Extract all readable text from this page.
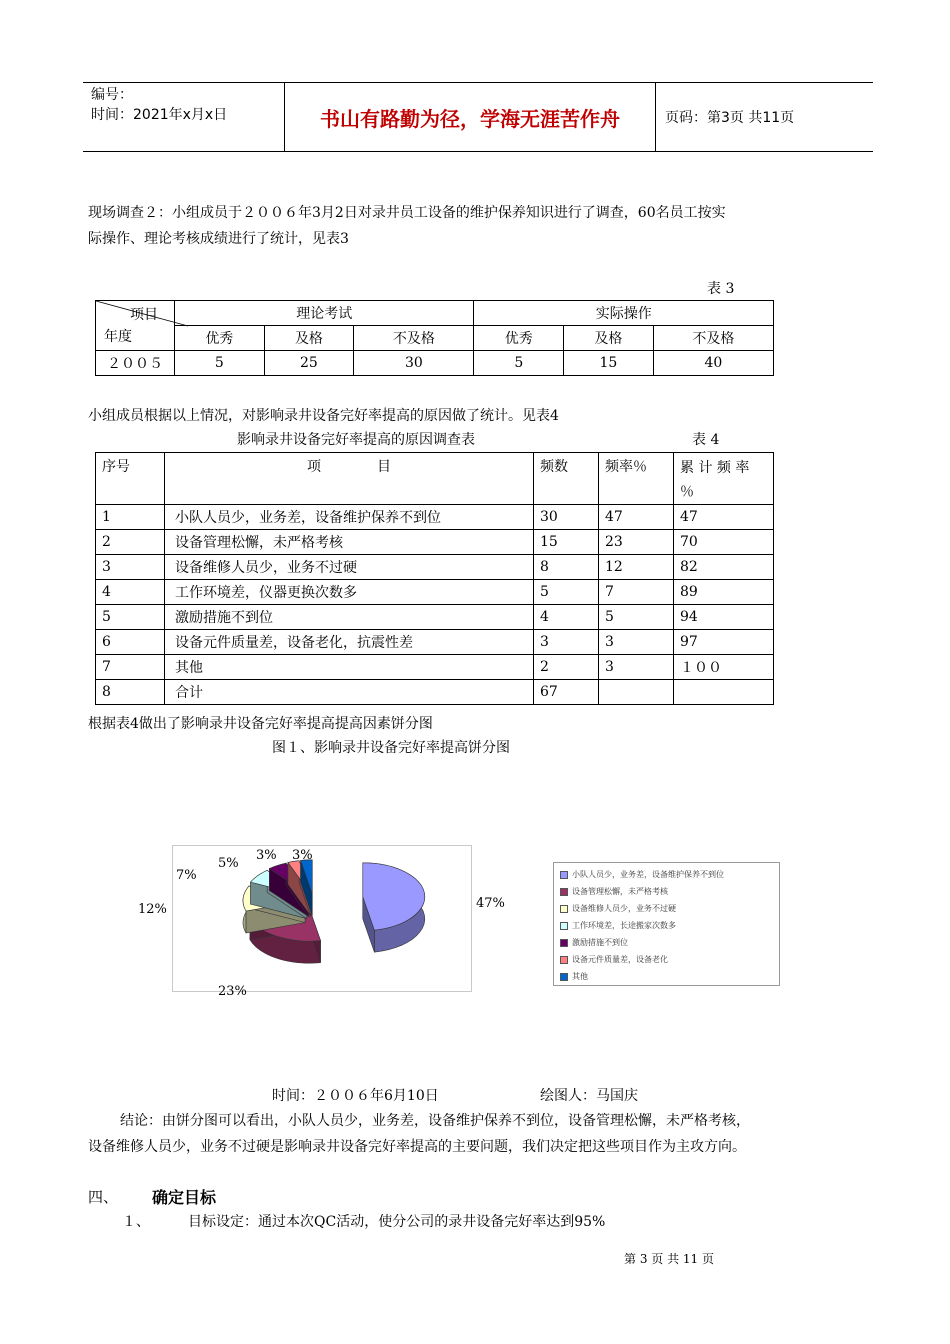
编号：
时间：2021年x月x日	书山有路勤为径，学海无涯苦作舟	页码：第3页 共11页
现场调查２：小组成员于２００６年3月2日对录井员工设备的维护保养知识进行了调查，60名员工按实
际操作、理论考核成绩进行了统计，见表3
表 3
项目
年度	理论考试			实际操作		
	优秀	及格	不及格	优秀	及格	不及格
２００５	5	25	30	5	15	40
小组成员根据以上情况，对影响录井设备完好率提高的原因做了统计。见表4
影响录井设备完好率提高的原因调查表	表 4
序号	项　　　　目	频数	频率％	累 计 频 率 ％
1	小队人员少，业务差，设备维护保养不到位	30	47	47
2	设备管理松懈，未严格考核	15	23	70
3	设备维修人员少，业务不过硬	8	12	82
4	工作环境差，仪器更换次数多	5	7	89
5	激励措施不到位	4	5	94
6	设备元件质量差，设备老化，抗震性差	3	3	97
7	其他	2	3	１００
8	合计	67		
根据表4做出了影响录井设备完好率提高提高因素饼分图
图１、影响录井设备完好率提高饼分图
47%
23%
12%
7%
5%
3% 3%
小队人员少，业务差，设备维护保养不到位
设备管理松懈，未严格考核
设备维修人员少，业务不过硬
工作环境差，长途搬家次数多
激励措施不到位
设备元件质量差，设备老化
其他
时间：２００６年6月10日	绘图人：马国庆
结论：由饼分图可以看出，小队人员少，业务差，设备维护保养不到位，设备管理松懈，未严格考核，
设备维修人员少，业务不过硬是影响录井设备完好率提高的主要问题，我们决定把这些项目作为主攻方向。
四、 确定目标
１、	目标设定：通过本次QC活动，使分公司的录井设备完好率达到95%
第 3 页 共 11 页
